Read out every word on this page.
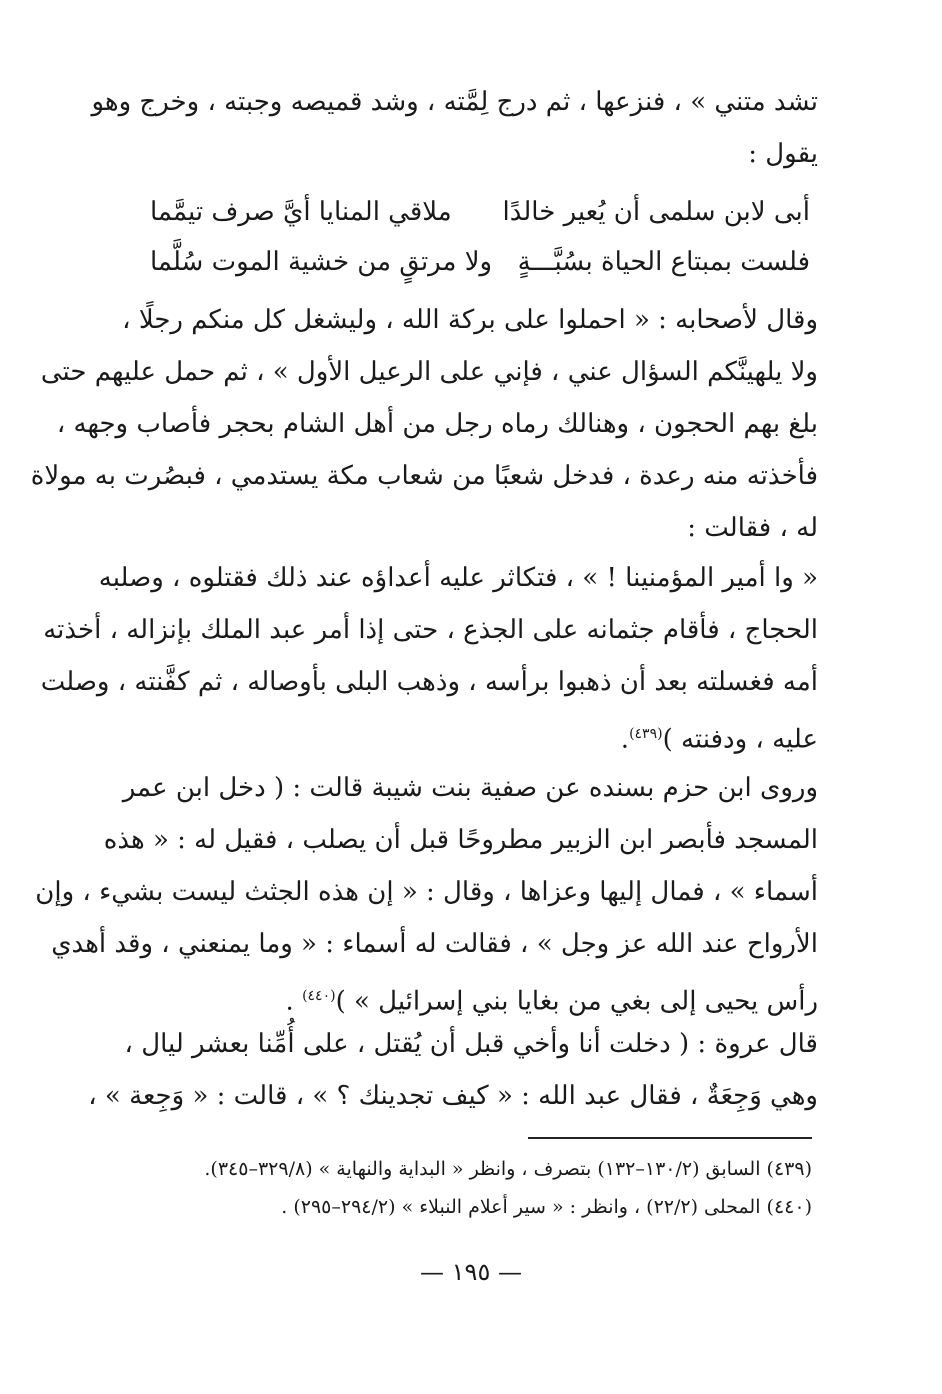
تشد متني » ، فنزعها ، ثم درج لِمَّته ، وشد قميصه وجبته ، وخرج وهو
يقول :
أبى لابن سلمى أن يُعير خالدًا
ملاقي المنايا أيَّ صرف تيمَّما
فلست بمبتاع الحياة بسُبَّـــةٍ
ولا مرتقٍ من خشية الموت سُلَّما
وقال لأصحابه : « احملوا على بركة الله ، وليشغل كل منكم رجلًا ،
ولا يلهينَّكم السؤال عني ، فإني على الرعيل الأول » ، ثم حمل عليهم حتى
بلغ بهم الحجون ، وهنالك رماه رجل من أهل الشام بحجر فأصاب وجهه ،
فأخذته منه رعدة ، فدخل شعبًا من شعاب مكة يستدمي ، فبصُرت به مولاة
له ، فقالت :
« وا أمير المؤمنينا ! » ، فتكاثر عليه أعداؤه عند ذلك فقتلوه ، وصلبه
الحجاج ، فأقام جثمانه على الجذع ، حتى إذا أمر عبد الملك بإنزاله ، أخذته
أمه فغسلته بعد أن ذهبوا برأسه ، وذهب البلى بأوصاله ، ثم كفَّنته ، وصلت
عليه ، ودفنته )$^{(٤٣٩)}$.
وروى ابن حزم بسنده عن صفية بنت شيبة قالت : ( دخل ابن عمر
المسجد فأبصر ابن الزبير مطروحًا قبل أن يصلب ، فقيل له : « هذه
أسماء » ، فمال إليها وعزاها ، وقال : « إن هذه الجثث ليست بشيء ، وإن
الأرواح عند الله عز وجل » ، فقالت له أسماء : « وما يمنعني ، وقد أهدي
رأس يحيى إلى بغي من بغايا بني إسرائيل » )$^{(٤٤٠)}$ .
قال عروة : ( دخلت أنا وأخي قبل أن يُقتل ، على أُمِّنا بعشر ليال ،
وهي وَجِعَةٌ ، فقال عبد الله : « كيف تجدينك ؟ » ، قالت : « وَجِعة » ،
(٤٣٩) السابق (١٣٠/٢–١٣٢) بتصرف ، وانظر « البداية والنهاية » (٣٢٩/٨–٣٤٥).
(٤٤٠) المحلى (٢٢/٢) ، وانظر : « سير أعلام النبلاء » (٢٩٤/٢–٢٩٥) .
— ١٩٥ —
